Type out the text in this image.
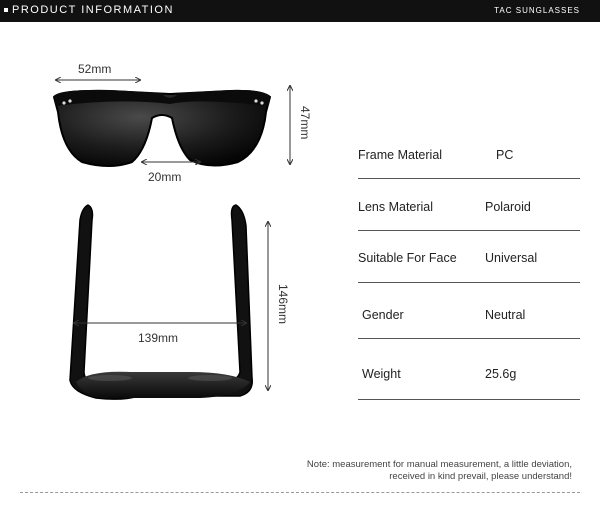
PRODUCT INFORMATION	TAC SUNGLASSES
52mm
20mm
47mm
139mm
146mm
Frame Material	PC
Lens Material	Polaroid
Suitable For Face Universal
Gender	Neutral
Weight	25.6g
Note: measurement for manual measurement, a little deviation,
received in kind prevail, please understand!
